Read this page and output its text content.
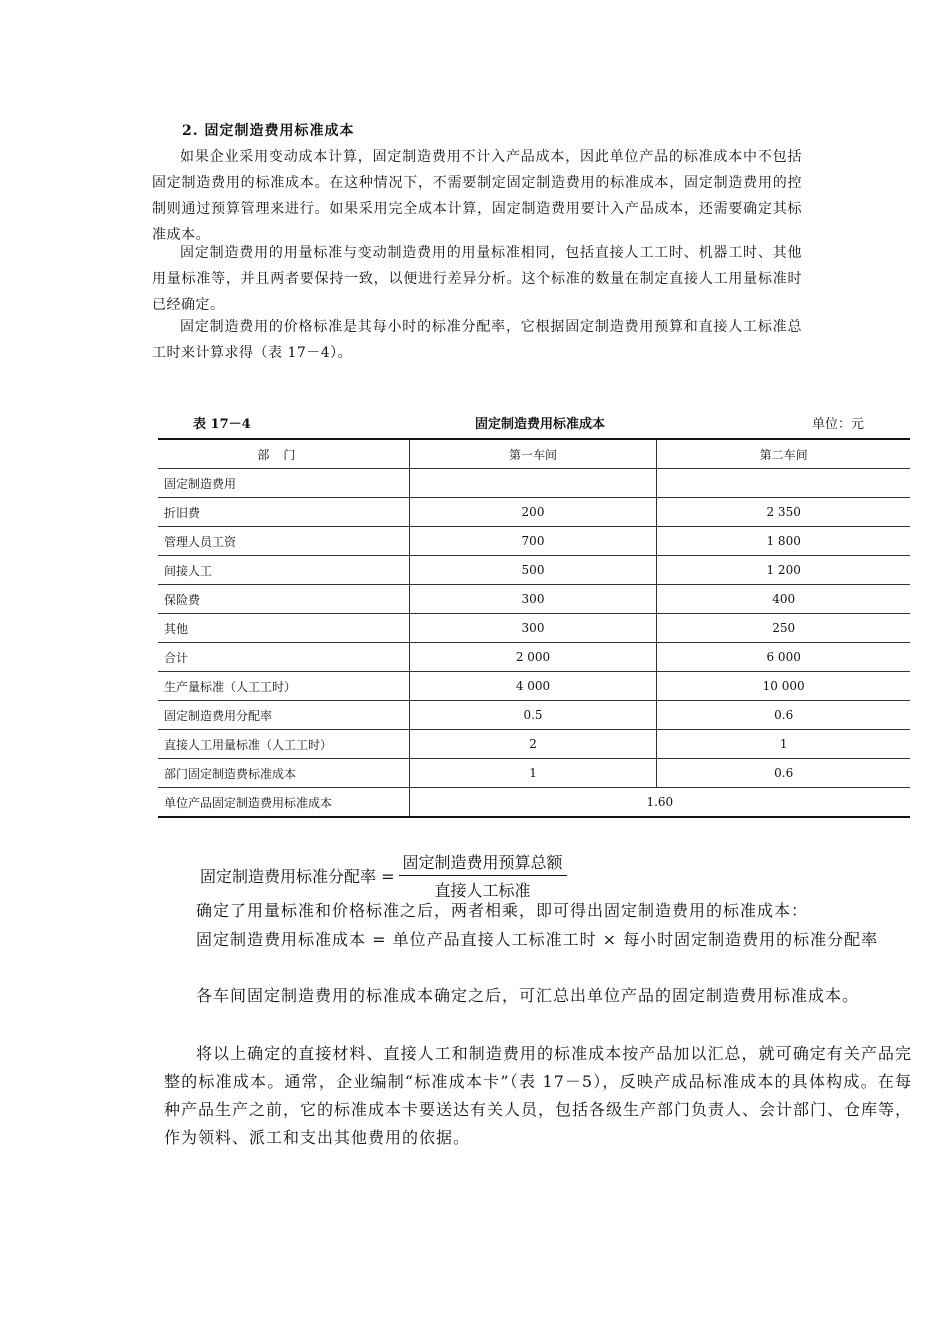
2. 固定制造费用标准成本
如果企业采用变动成本计算，固定制造费用不计入产品成本，因此单位产品的标准成本中不包括固定制造费用的标准成本。在这种情况下，不需要制定固定制造费用的标准成本，固定制造费用的控制则通过预算管理来进行。如果采用完全成本计算，固定制造费用要计入产品成本，还需要确定其标准成本。
固定制造费用的用量标准与变动制造费用的用量标准相同，包括直接人工工时、机器工时、其他用量标准等，并且两者要保持一致，以便进行差异分析。这个标准的数量在制定直接人工用量标准时已经确定。
固定制造费用的价格标准是其每小时的标准分配率，它根据固定制造费用预算和直接人工标准总工时来计算求得（表 17－4）。
表 17－4	固定制造费用标准成本	单位：元
部门	第一车间	第二车间
固定制造费用		
折旧费	200	2 350
管理人员工资	700	1 800
间接人工	500	1 200
保险费	300	400
其他	300	250
合计	2 000	6 000
生产量标准（人工工时）	4 000	10 000
固定制造费用分配率	0.5	0.6
直接人工用量标准（人工工时）	2	1
部门固定制造费标准成本	1	0.6
单位产品固定制造费用标准成本	1.60	
固定制造费用标准分配率 = $\frac{\text{固定制造费用预算总额}}{\text{直接人工标准}}$
确定了用量标准和价格标准之后，两者相乘，即可得出固定制造费用的标准成本：
固定制造费用标准成本 = 单位产品直接人工标准工时 × 每小时固定制造费用的标准分配率
各车间固定制造费用的标准成本确定之后，可汇总出单位产品的固定制造费用标准成本。
将以上确定的直接材料、直接人工和制造费用的标准成本按产品加以汇总，就可确定有关产品完整的标准成本。通常，企业编制“标准成本卡”（表 17－5），反映产成品标准成本的具体构成。在每种产品生产之前，它的标准成本卡要送达有关人员，包括各级生产部门负责人、会计部门、仓库等，作为领料、派工和支出其他费用的依据。
